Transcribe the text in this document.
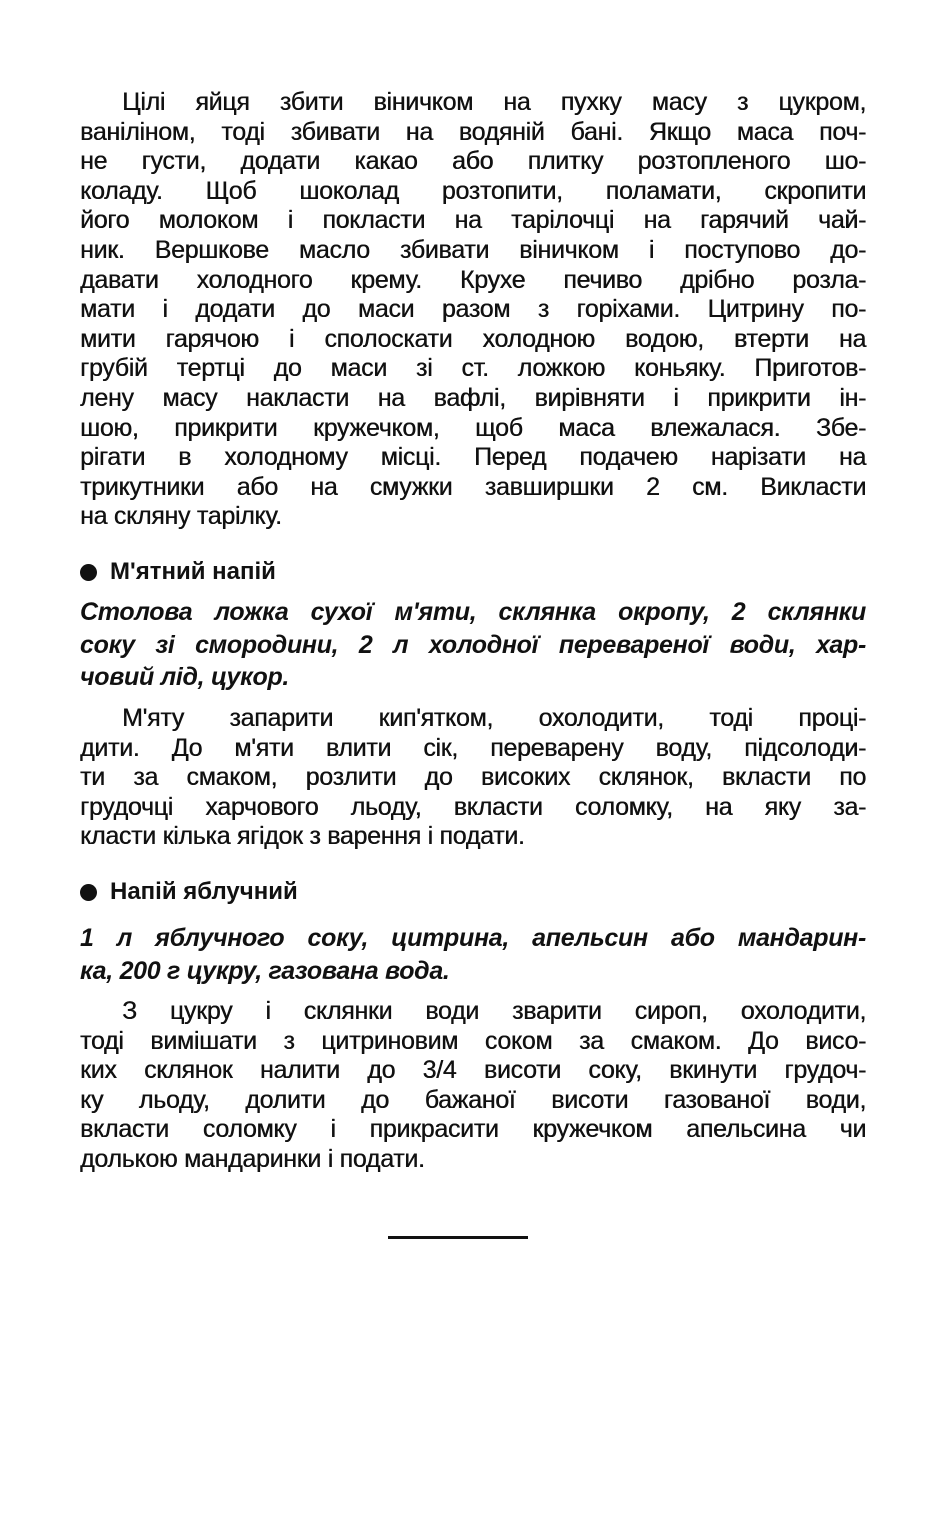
Цілі яйця збити віничком на пухку масу з цукром,
ваніліном, тоді збивати на водяній бані. Якщо маса поч-
не густи, додати какао або плитку розтопленого шо-
коладу. Щоб шоколад розтопити, поламати, скропити
його молоком і покласти на тарілочці на гарячий чай-
ник. Вершкове масло збивати віничком і поступово до-
давати холодного крему. Крухе печиво дрібно розла-
мати і додати до маси разом з горіхами. Цитрину по-
мити гарячою і сполоскати холодною водою, втерти на
грубій тертці до маси зі ст. ложкою коньяку. Приготов-
лену масу накласти на вафлі, вирівняти і прикрити ін-
шою, прикрити кружечком, щоб маса влежалася. Збе-
рігати в холодному місці. Перед подачею нарізати на
трикутники або на смужки завширшки 2 см. Викласти
на скляну тарілку.
М'ятний напій
Столова ложка сухої м'яти, склянка окропу, 2 склянки
соку зі смородини, 2 л холодної перевареної води, хар-
човий лід, цукор.
М'яту запарити кип'ятком, охолодити, тоді проці-
дити. До м'яти влити сік, переварену воду, підсолоди-
ти за смаком, розлити до високих склянок, вкласти по
грудочці харчового льоду, вкласти соломку, на яку за-
класти кілька ягідок з варення і подати.
Напій яблучний
1 л яблучного соку, цитрина, апельсин або мандарин-
ка, 200 г цукру, газована вода.
З цукру і склянки води зварити сироп, охолодити,
тоді вимішати з цитриновим соком за смаком. До висо-
ких склянок налити до 3/4 висоти соку, вкинути грудоч-
ку льоду, долити до бажаної висоти газованої води,
вкласти соломку і прикрасити кружечком апельсина чи
долькою мандаринки і подати.
